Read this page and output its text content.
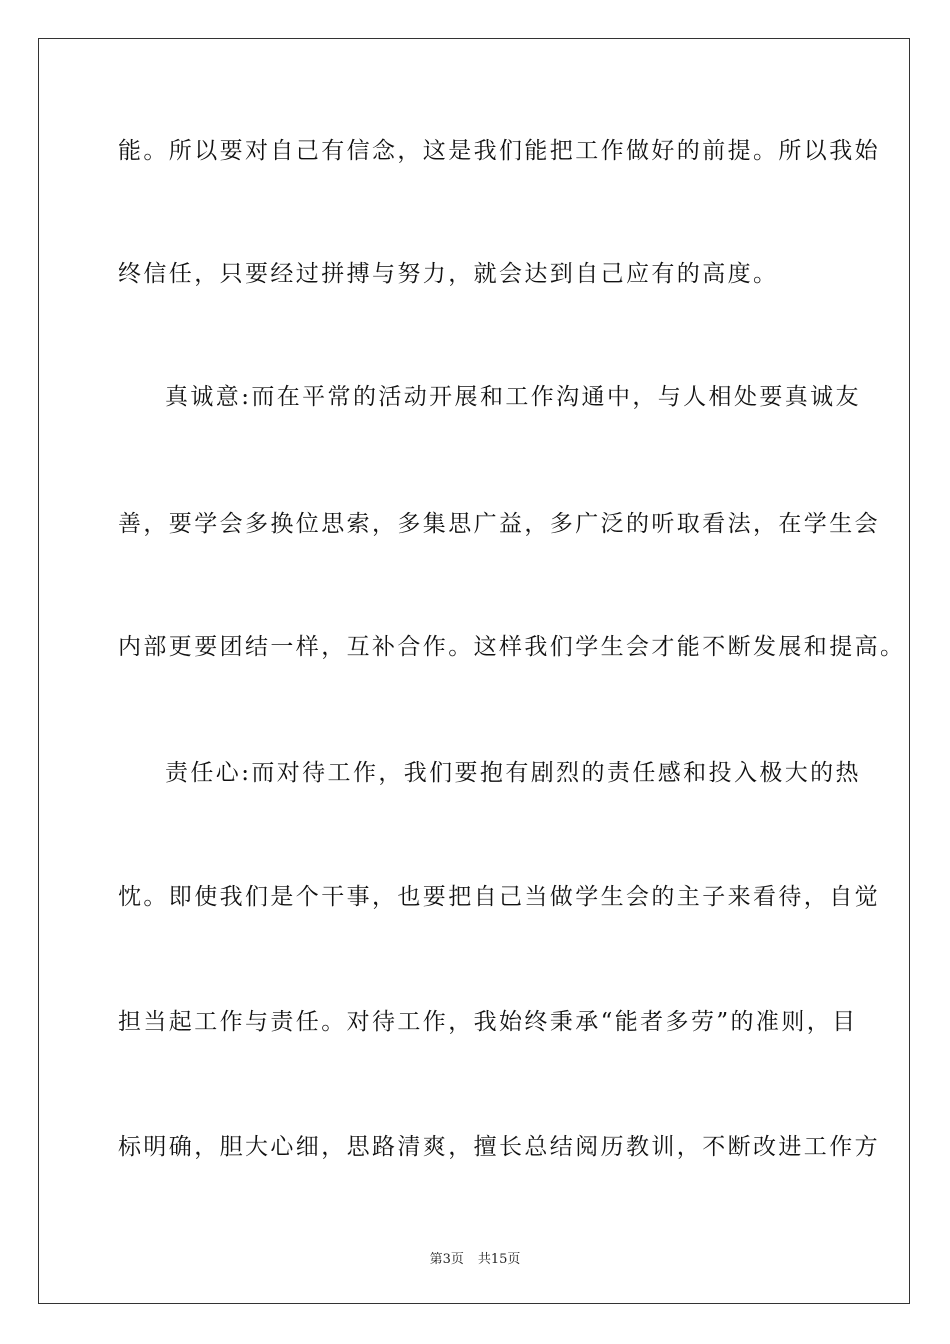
能。所以要对自己有信念，这是我们能把工作做好的前提。所以我始
终信任，只要经过拼搏与努力，就会达到自己应有的高度。
真诚意:而在平常的活动开展和工作沟通中，与人相处要真诚友
善，要学会多换位思索，多集思广益，多广泛的听取看法，在学生会
内部更要团结一样，互补合作。这样我们学生会才能不断发展和提高。
责任心:而对待工作，我们要抱有剧烈的责任感和投入极大的热
忱。即使我们是个干事，也要把自己当做学生会的主子来看待，自觉
担当起工作与责任。对待工作，我始终秉承“能者多劳”的准则，目
标明确，胆大心细，思路清爽，擅长总结阅历教训，不断改进工作方
第3页 共15页
